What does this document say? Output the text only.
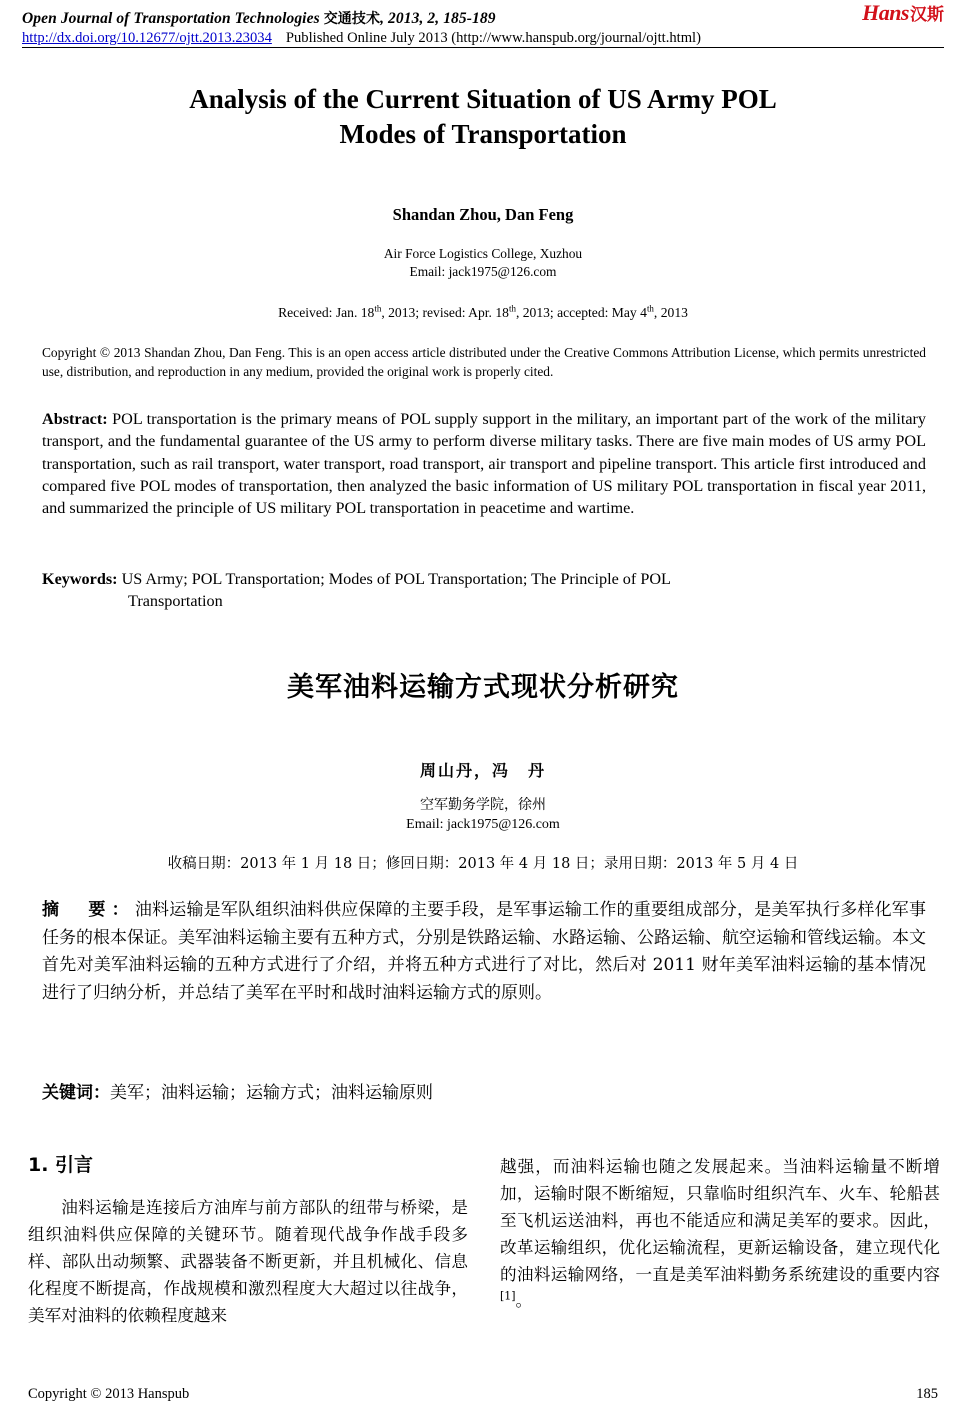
Open Journal of Transportation Technologies 交通技术, 2013, 2, 185-189
http://dx.doi.org/10.12677/ojtt.2013.23034 Published Online July 2013 (http://www.hanspub.org/journal/ojtt.html)
Hans汉斯
Analysis of the Current Situation of US Army POL
Modes of Transportation
Shandan Zhou, Dan Feng
Air Force Logistics College, Xuzhou
Email: jack1975@126.com
Received: Jan. 18th, 2013; revised: Apr. 18th, 2013; accepted: May 4th, 2013
Copyright © 2013 Shandan Zhou, Dan Feng. This is an open access article distributed under the Creative Commons Attribution License, which permits unrestricted use, distribution, and reproduction in any medium, provided the original work is properly cited.
Abstract: POL transportation is the primary means of POL supply support in the military, an important part of the work of the military transport, and the fundamental guarantee of the US army to perform diverse military tasks. There are five main modes of US army POL transportation, such as rail transport, water transport, road transport, air transport and pipeline transport. This article first introduced and compared five POL modes of transportation, then analyzed the basic information of US military POL transportation in fiscal year 2011, and summarized the principle of US military POL transportation in peacetime and wartime.
Keywords: US Army; POL Transportation; Modes of POL Transportation; The Principle of POL
Transportation
美军油料运输方式现状分析研究
周山丹，冯　丹
空军勤务学院，徐州
Email: jack1975@126.com
收稿日期：2013 年 1 月 18 日；修回日期：2013 年 4 月 18 日；录用日期：2013 年 5 月 4 日
摘　要：油料运输是军队组织油料供应保障的主要手段，是军事运输工作的重要组成部分，是美军执行多样化军事任务的根本保证。美军油料运输主要有五种方式，分别是铁路运输、水路运输、公路运输、航空运输和管线运输。本文首先对美军油料运输的五种方式进行了介绍，并将五种方式进行了对比，然后对 2011 财年美军油料运输的基本情况进行了归纳分析，并总结了美军在平时和战时油料运输方式的原则。
关键词：美军；油料运输；运输方式；油料运输原则
1. 引言

油料运输是连接后方油库与前方部队的纽带与桥梁，是组织油料供应保障的关键环节。随着现代战争作战手段多样、部队出动频繁、武器装备不断更新，并且机械化、信息化程度不断提高，作战规模和激烈程度大大超过以往战争，美军对油料的依赖程度越来

越强，而油料运输也随之发展起来。当油料运输量不断增加，运输时限不断缩短，只靠临时组织汽车、火车、轮船甚至飞机运送油料，再也不能适应和满足美军的要求。因此，改革运输组织，优化运输流程，更新运输设备，建立现代化的油料运输网络，一直是美军油料勤务系统建设的重要内容[1]。

Copyright © 2013 Hanspub	185
